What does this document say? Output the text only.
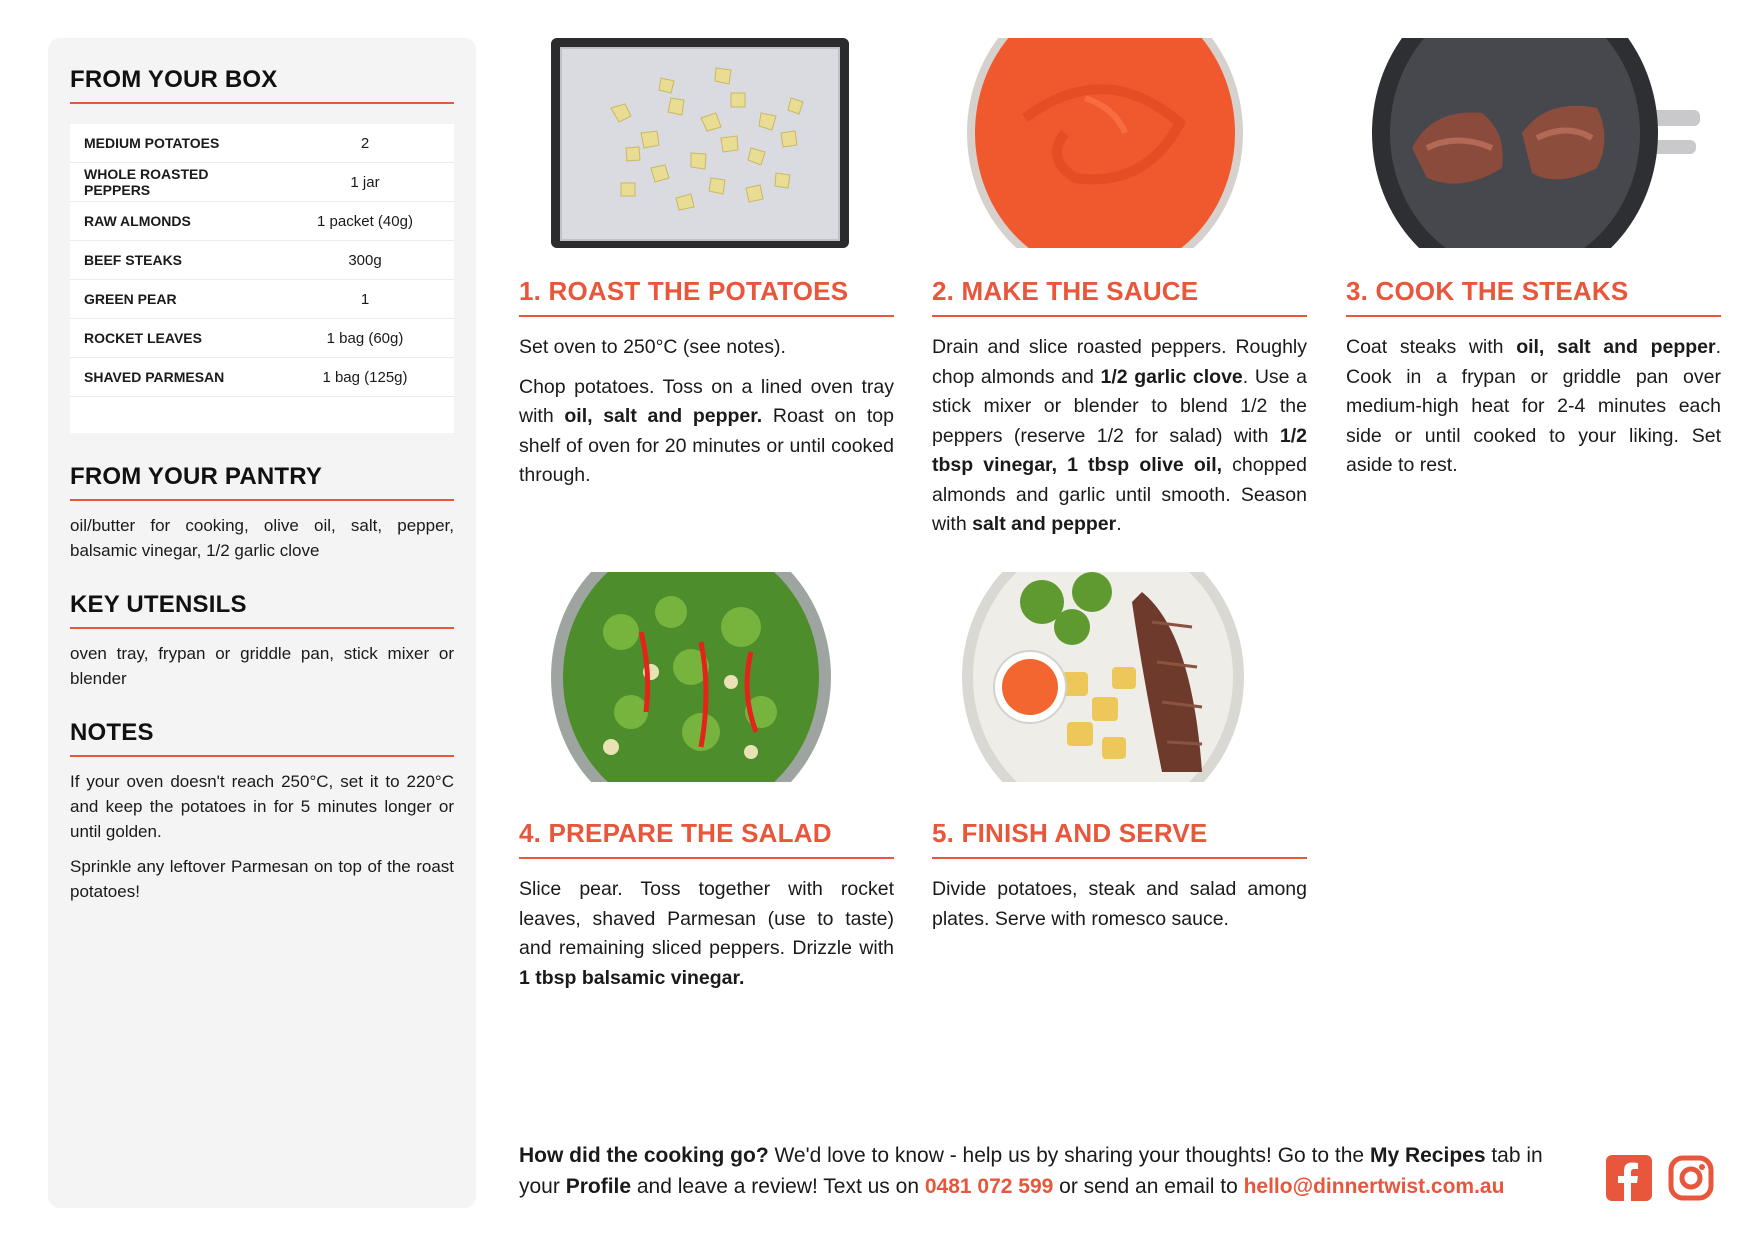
FROM YOUR BOX
MEDIUM POTATOES	2
WHOLE ROASTED PEPPERS	1 jar
RAW ALMONDS	1 packet (40g)
BEEF STEAKS	300g
GREEN PEAR	1
ROCKET LEAVES	1 bag (60g)
SHAVED PARMESAN	1 bag (125g)

FROM YOUR PANTRY

oil/butter for cooking, olive oil, salt, pepper, balsamic vinegar, 1/2 garlic clove

KEY UTENSILS

oven tray, frypan or griddle pan, stick mixer or blender

NOTES

If your oven doesn't reach 250°C, set it to 220°C and keep the potatoes in for 5 minutes longer or until golden.

Sprinkle any leftover Parmesan on top of the roast potatoes!

1. ROAST THE POTATOES

Set oven to 250°C (see notes).

Chop potatoes. Toss on a lined oven tray with oil, salt and pepper. Roast on top shelf of oven for 20 minutes or until cooked through.

2. MAKE THE SAUCE

Drain and slice roasted peppers. Roughly chop almonds and 1/2 garlic clove. Use a stick mixer or blender to blend 1/2 the peppers (reserve 1/2 for salad) with 1/2 tbsp vinegar, 1 tbsp olive oil, chopped almonds and garlic until smooth. Season with salt and pepper.

3. COOK THE STEAKS

Coat steaks with oil, salt and pepper. Cook in a frypan or griddle pan over medium-high heat for 2-4 minutes each side or until cooked to your liking. Set aside to rest.

4. PREPARE THE SALAD

Slice pear. Toss together with rocket leaves, shaved Parmesan (use to taste) and remaining sliced peppers. Drizzle with 1 tbsp balsamic vinegar.

5. FINISH AND SERVE

Divide potatoes, steak and salad among plates. Serve with romesco sauce.

How did the cooking go? We'd love to know - help us by sharing your thoughts! Go to the My Recipes tab in your Profile and leave a review! Text us on 0481 072 599 or send an email to hello@dinnertwist.com.au
